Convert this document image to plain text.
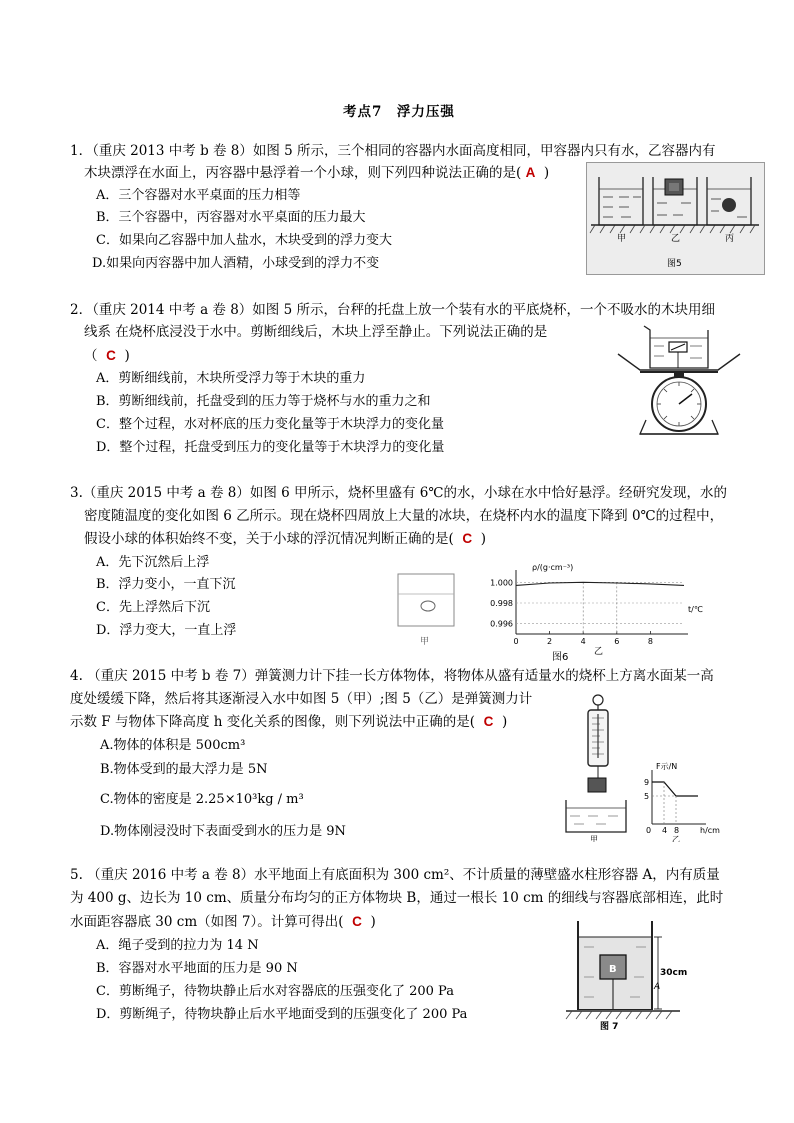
考点7　浮力压强
1．（重庆 2013 中考 b 卷 8）如图 5 所示，三个相同的容器内水面高度相同，甲容器内只有水，乙容器内有
木块漂浮在水面上，丙容器中悬浮着一个小球，则下列四种说法正确的是( A )
A．三个容器对水平桌面的压力相等
B．三个容器中，丙容器对水平桌面的压力最大
C．如果向乙容器中加人盐水，木块受到的浮力变大
D.如果向丙容器中加人酒精，小球受到的浮力不变
甲	乙	丙
图5
2．（重庆 2014 中考 a 卷 8）如图 5 所示，台秤的托盘上放一个装有水的平底烧杯，一个不吸水的木块用细
线系 在烧杯底浸没于水中。剪断细线后，木块上浮至静止。下列说法正确的是
（ C )
A．剪断细线前，木块所受浮力等于木块的重力
B．剪断细线前，托盘受到的压力等于烧杯与水的重力之和
C．整个过程，水对杯底的压力变化量等于木块浮力的变化量
D．整个过程，托盘受到压力的变化量等于木块浮力的变化量
3.（重庆 2015 中考 a 卷 8）如图 6 甲所示，烧杯里盛有 6℃的水，小球在水中恰好悬浮。经研究发现，水的
密度随温度的变化如图 6 乙所示。现在烧杯四周放上大量的冰块，在烧杯内水的温度下降到 0℃的过程中，
假设小球的体积始终不变，关于小球的浮沉情况判断正确的是( C )
A．先下沉然后上浮
B．浮力变小，一直下沉
C．先上浮然后下沉
D．浮力变大，一直上浮
甲
ρ/(g·cm⁻³)
t/℃
乙
1.000
0.998
0.996
0	2	4	6	8
图6
4. （重庆 2015 中考 b 卷 7）弹簧测力计下挂一长方体物体，将物体从盛有适量水的烧杯上方离水面某一高
度处缓缓下降，然后将其逐渐浸入水中如图 5（甲）;图 5（乙）是弹簧测力计
示数 F 与物体下降高度 h 变化关系的图像，则下列说法中正确的是( C )
A.物体的体积是 500cm³
B.物体受到的最大浮力是 5N
C.物体的密度是 2.25×10³kg / m³
D.物体刚浸没时下表面受到水的压力是 9N
F示/N
9
5
0 4 8	h/cm
甲	乙
5. （重庆 2016 中考 a 卷 8）水平地面上有底面积为 300 cm²、不计质量的薄壁盛水柱形容器 A，内有质量
为 400 g、边长为 10 cm、质量分布均匀的正方体物块 B，通过一根长 10 cm 的细线与容器底部相连，此时
水面距容器底 30 cm（如图 7）。计算可得出( C )
A．绳子受到的拉力为 14 N
B．容器对水平地面的压力是 90 N
C．剪断绳子，待物块静止后水对容器底的压强变化了 200 Pa
D．剪断绳子，待物块静止后水平地面受到的压强变化了 200 Pa
B	30cm
A
图 7
